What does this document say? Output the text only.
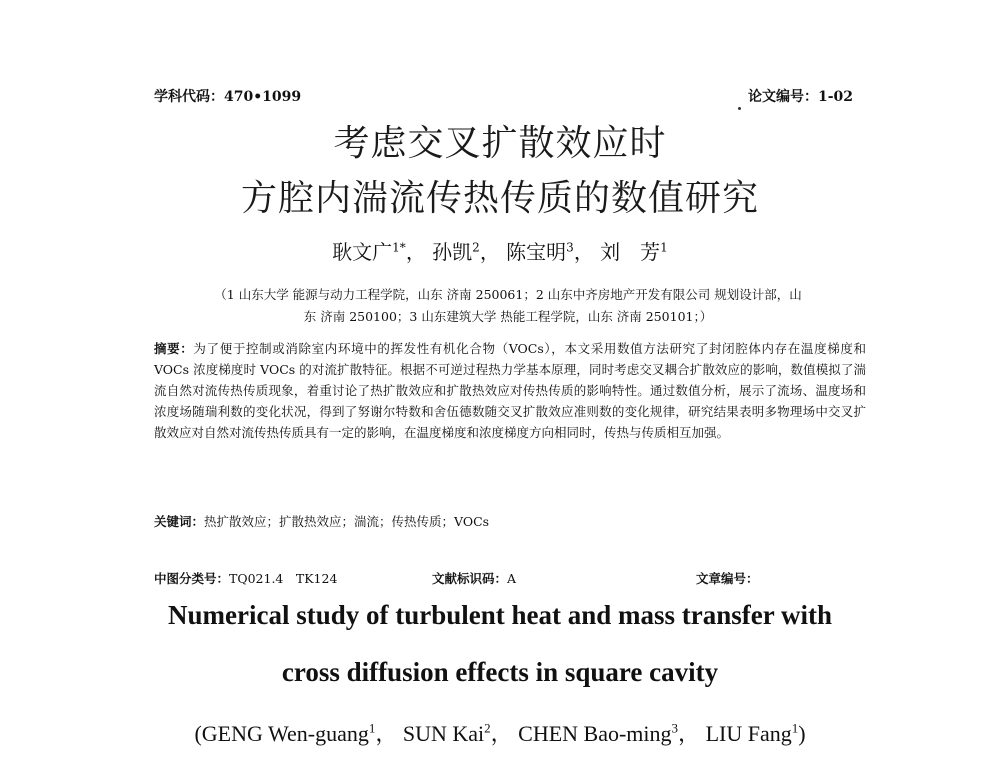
学科代码：470•1099	论文编号：1-02
考虑交叉扩散效应时
方腔内湍流传热传质的数值研究
耿文广$^{1*}$， 孙凯$^2$， 陈宝明$^3$， 刘　芳$^1$
（1 山东大学 能源与动力工程学院，山东 济南 250061；2 山东中齐房地产开发有限公司 规划设计部，山
东 济南 250100；3 山东建筑大学 热能工程学院，山东 济南 250101；）
摘要：为了便于控制或消除室内环境中的挥发性有机化合物（VOCs），本文采用数值方法研究了封闭腔体内存在温度梯度和 VOCs 浓度梯度时 VOCs 的对流扩散特征。根据不可逆过程热力学基本原理，同时考虑交叉耦合扩散效应的影响，数值模拟了湍流自然对流传热传质现象，着重讨论了热扩散效应和扩散热效应对传热传质的影响特性。通过数值分析，展示了流场、温度场和浓度场随瑞利数的变化状况，得到了努谢尔特数和舍伍德数随交叉扩散效应准则数的变化规律，研究结果表明多物理场中交叉扩散效应对自然对流传热传质具有一定的影响，在温度梯度和浓度梯度方向相同时，传热与传质相互加强。
关键词：热扩散效应；扩散热效应；湍流；传热传质；VOCs
中图分类号：TQ021.4　TK124	文献标识码：A	文章编号：
Numerical study of turbulent heat and mass transfer with
cross diffusion effects in square cavity
(GENG Wen-guang$^1$， SUN Kai$^2$， CHEN Bao-ming$^3$， LIU Fang$^1$)
